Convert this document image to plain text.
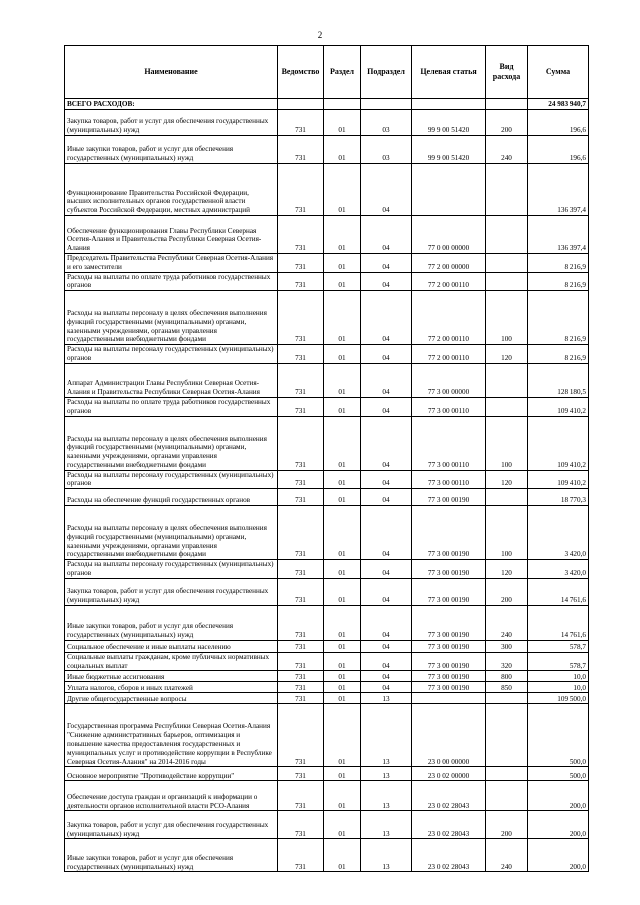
2
Наименование	Ведомство	Раздел	Подраздел	Целевая статья	Вид расхода	Сумма
ВСЕГО РАСХОДОВ:						24 983 940,7
Закупка товаров, работ и услуг для обеспечения государственных (муниципальных) нужд	731	01	03	99 9 00 51420	200	196,6
Иные закупки товаров, работ и услуг для обеспечения государственных (муниципальных) нужд	731	01	03	99 9 00 51420	240	196,6
Функционирование Правительства Российской Федерации, высших исполнительных органов государственной власти субъектов Российской Федерации, местных администраций	731	01	04			136 397,4
Обеспечение функционирования Главы Республики Северная Осетия-Алания и Правительства Республики Северная Осетия-Алания	731	01	04	77 0 00 00000		136 397,4
Председатель Правительства Республики Северная Осетия-Алания и его заместители	731	01	04	77 2 00 00000		8 216,9
Расходы на выплаты по оплате труда работников государственных органов	731	01	04	77 2 00 00110		8 216,9
Расходы на выплаты персоналу в целях обеспечения выполнения функций государственными (муниципальными) органами, казенными учреждениями, органами управления государственными внебюджетными фондами	731	01	04	77 2 00 00110	100	8 216,9
Расходы на выплаты персоналу государственных (муниципальных) органов	731	01	04	77 2 00 00110	120	8 216,9
Аппарат Администрации Главы Республики Северная Осетия-Алания и Правительства Республики Северная Осетия-Алания	731	01	04	77 3 00 00000		128 180,5
Расходы на выплаты по оплате труда работников государственных органов	731	01	04	77 3 00 00110		109 410,2
Расходы на выплаты персоналу в целях обеспечения выполнения функций государственными (муниципальными) органами, казенными учреждениями, органами управления государственными внебюджетными фондами	731	01	04	77 3 00 00110	100	109 410,2
Расходы на выплаты персоналу государственных (муниципальных) органов	731	01	04	77 3 00 00110	120	109 410,2
Расходы на обеспечение функций государственных органов	731	01	04	77 3 00 00190		18 770,3
Расходы на выплаты персоналу в целях обеспечения выполнения функций государственными (муниципальными) органами, казенными учреждениями, органами управления государственными внебюджетными фондами	731	01	04	77 3 00 00190	100	3 420,0
Расходы на выплаты персоналу государственных (муниципальных) органов	731	01	04	77 3 00 00190	120	3 420,0
Закупка товаров, работ и услуг для обеспечения государственных (муниципальных) нужд	731	01	04	77 3 00 00190	200	14 761,6
Иные закупки товаров, работ и услуг для обеспечения государственных (муниципальных) нужд	731	01	04	77 3 00 00190	240	14 761,6
Социальное обеспечение и иные выплаты населению	731	01	04	77 3 00 00190	300	578,7
Социальные выплаты гражданам, кроме публичных нормативных социальных выплат	731	01	04	77 3 00 00190	320	578,7
Иные бюджетные ассигнования	731	01	04	77 3 00 00190	800	10,0
Уплата налогов, сборов и иных платежей	731	01	04	77 3 00 00190	850	10,0
Другие общегосударственные вопросы	731	01	13			109 500,0
Государственная программа Республики Северная Осетия-Алания "Снижение административных барьеров, оптимизация и повышение качества предоставления государственных и муниципальных услуг и противодействие коррупции в Республике Северная Осетия-Алания" на 2014-2016 годы	731	01	13	23 0 00 00000		500,0
Основное мероприятие "Противодействие коррупции"	731	01	13	23 0 02 00000		500,0
Обеспечение доступа граждан и организаций к информации о деятельности органов исполнительной власти РСО-Алания	731	01	13	23 0 02 28043		200,0
Закупка товаров, работ и услуг для обеспечения государственных (муниципальных) нужд	731	01	13	23 0 02 28043	200	200,0
Иные закупки товаров, работ и услуг для обеспечения государственных (муниципальных) нужд	731	01	13	23 0 02 28043	240	200,0
